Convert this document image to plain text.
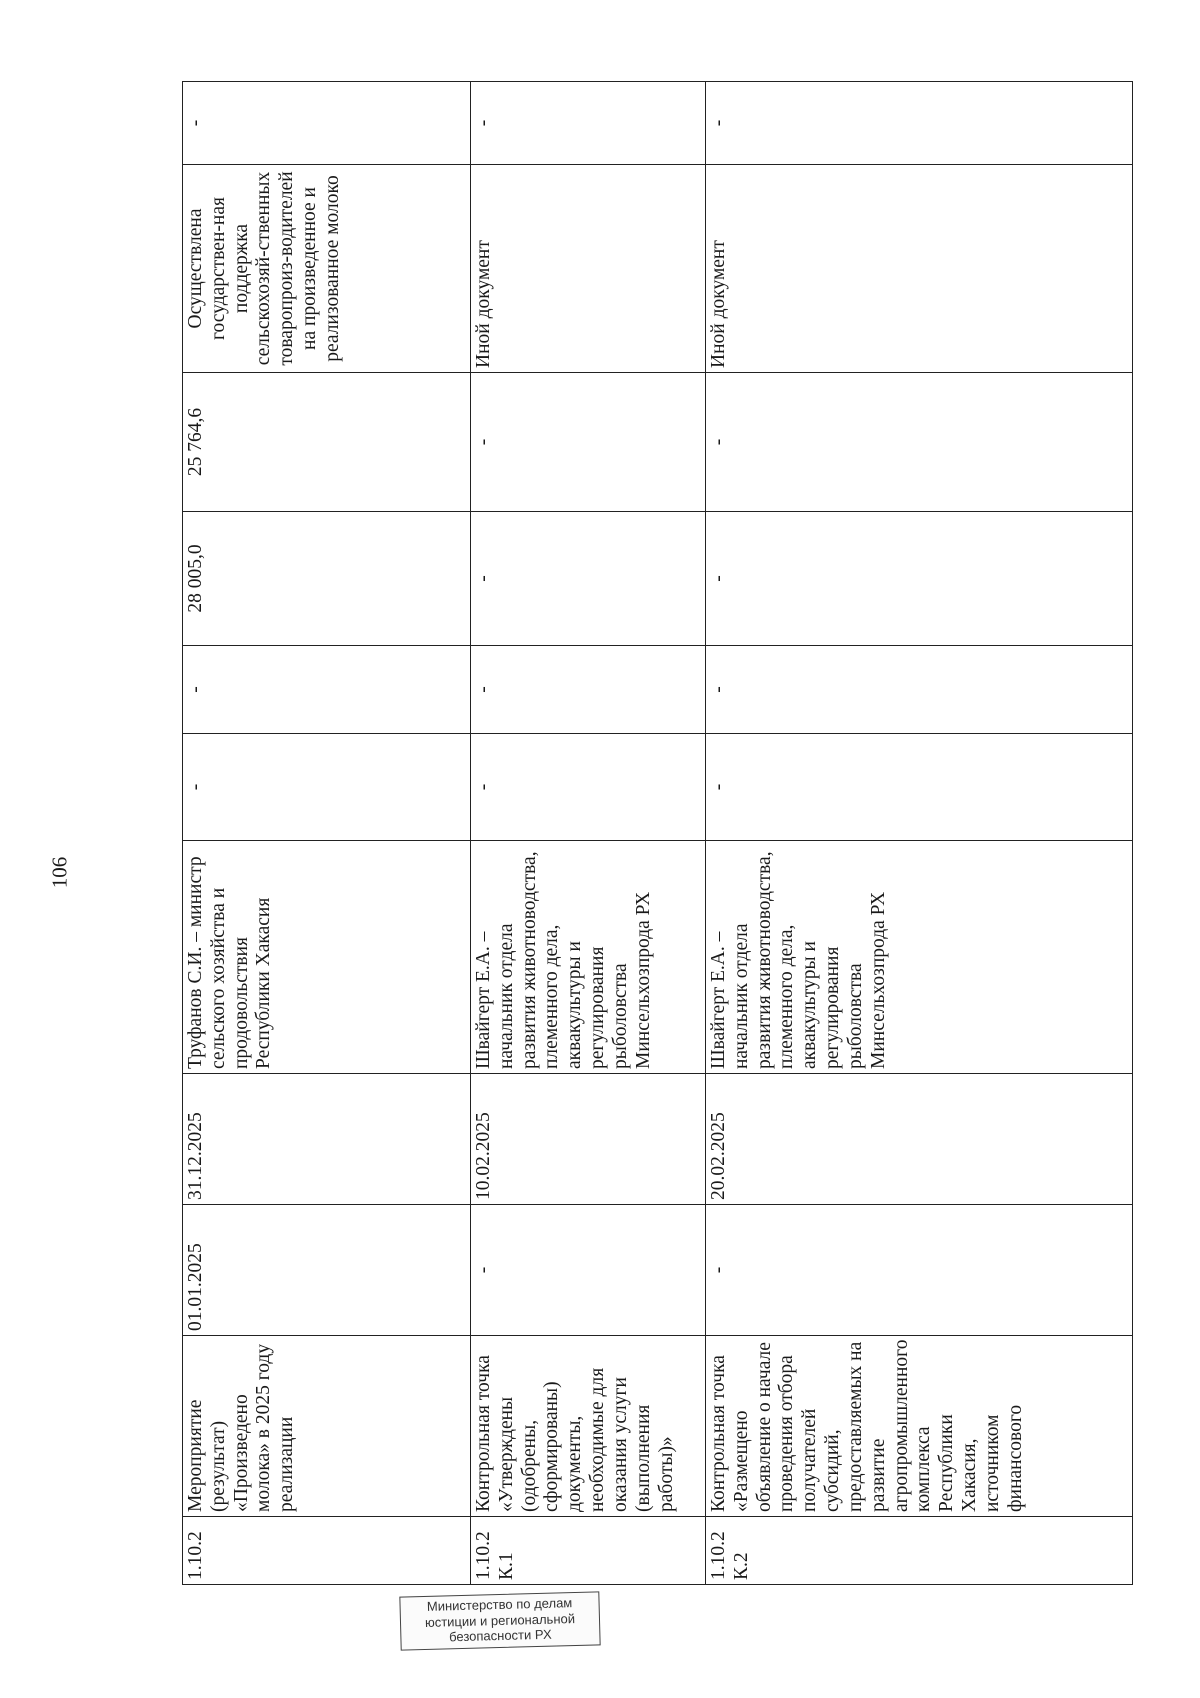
106
1.10.2	Мероприятие (результат) «Произведено молока» в 2025 году реализации	01.01.2025	31.12.2025	Труфанов С.И. – министр сельского хозяйства и продовольствия Республики Хакасия	-	-	28 005,0	25 764,6	Осуществлена государствен-ная поддержка сельскохозяй-ственных товаропроиз-водителей на произведенное и реализованное молоко	-
1.10.2 К.1	Контрольная точка «Утверждены (одобрены, сформированы) документы, необходимые для оказания услуги (выполнения работы)»	-	10.02.2025	Швайгерт Е.А. – начальник отдела развития животноводства, племенного дела, аквакультуры и регулирования рыболовства Минсельхозпрода РХ	-	-	-	-	Иной документ	-
1.10.2 К.2	Контрольная точка «Размещено объявление о начале проведения отбора получателей субсидий, предоставляемых на развитие агропромышленного комплекса Республики Хакасия, источником финансового	-	20.02.2025	Швайгерт Е.А. – начальник отдела развития животноводства, племенного дела, аквакультуры и регулирования рыболовства Минсельхозпрода РХ	-	-	-	-	Иной документ	-
Министерство по делам
юстиции и региональной
безопасности РХ
